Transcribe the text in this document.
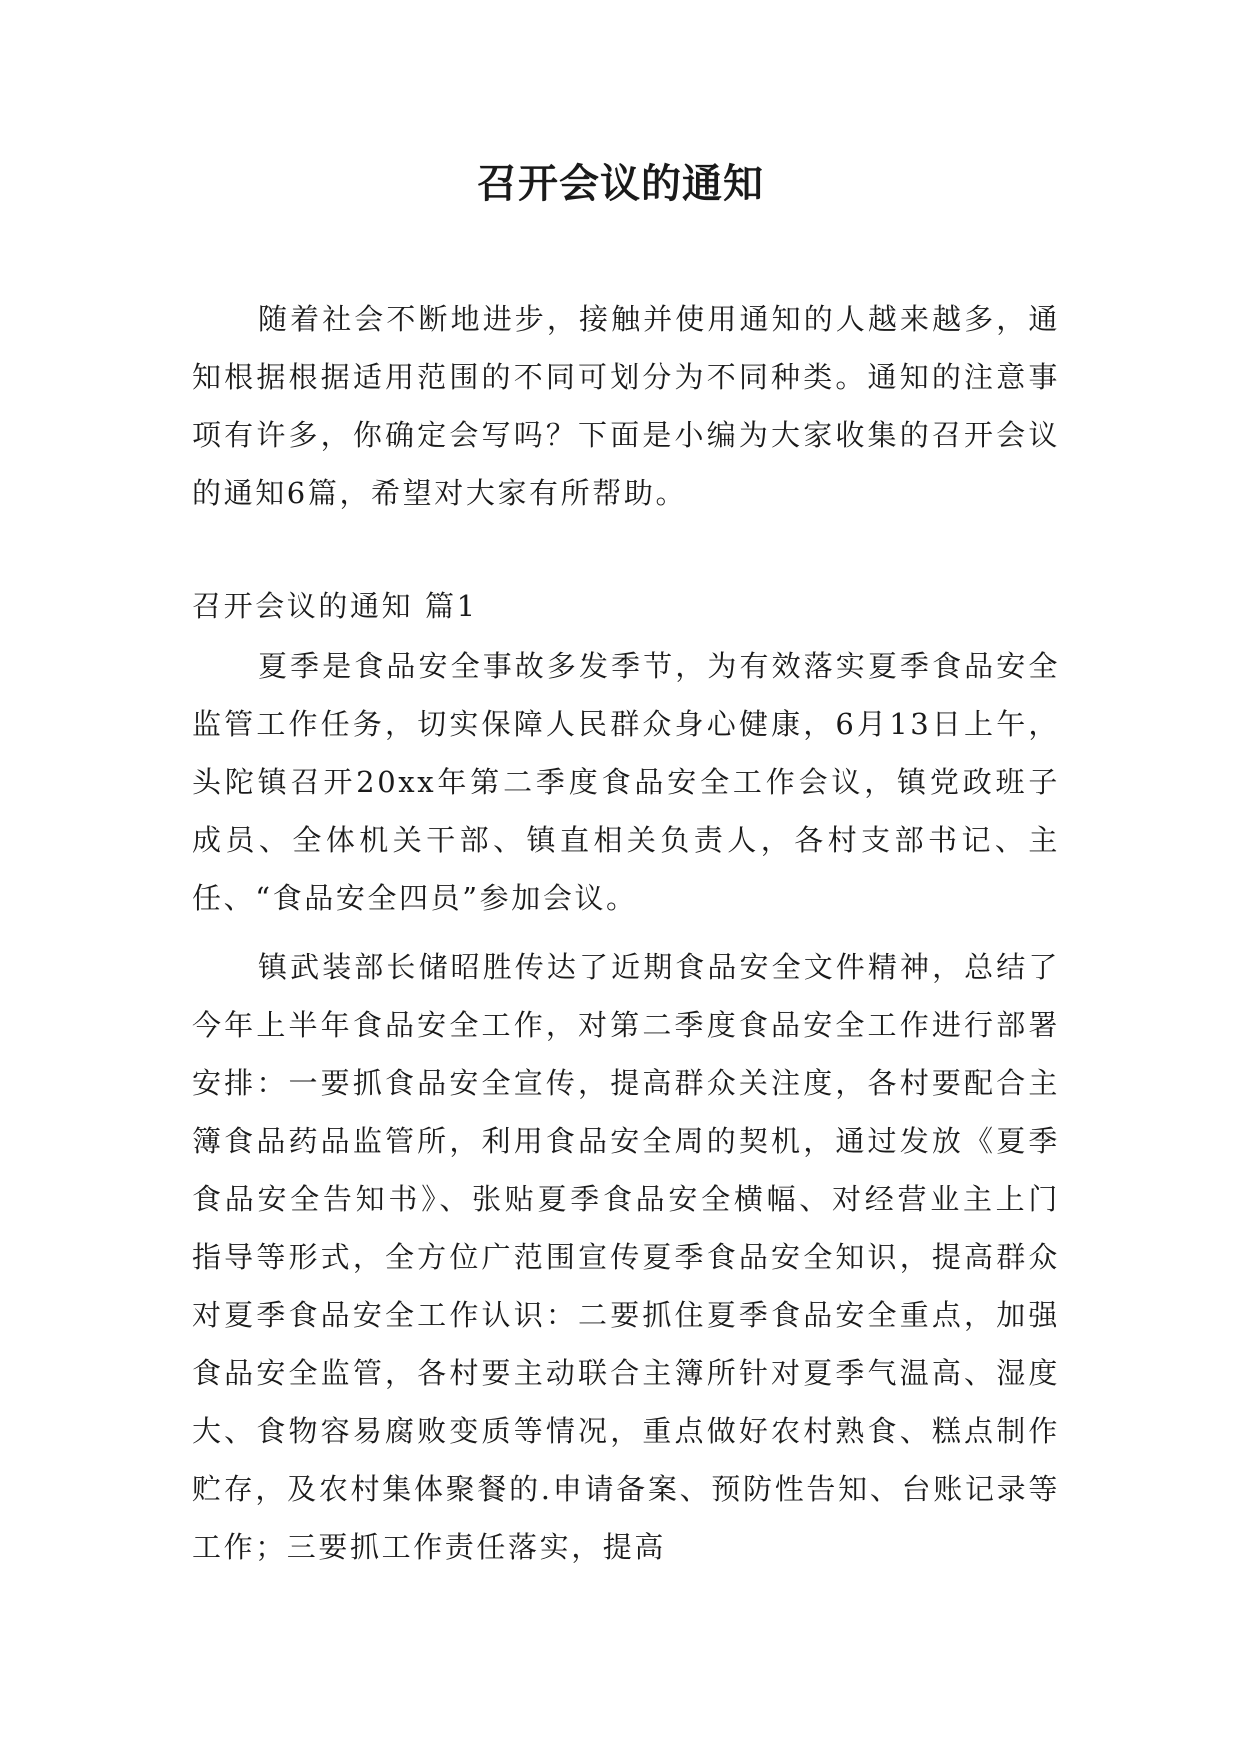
召开会议的通知

随着社会不断地进步，接触并使用通知的人越来越多，通知根据根据适用范围的不同可划分为不同种类。通知的注意事项有许多，你确定会写吗？下面是小编为大家收集的召开会议的通知6篇，希望对大家有所帮助。

召开会议的通知 篇1

夏季是食品安全事故多发季节，为有效落实夏季食品安全监管工作任务，切实保障人民群众身心健康，6月13日上午，头陀镇召开20xx年第二季度食品安全工作会议，镇党政班子成员、全体机关干部、镇直相关负责人，各村支部书记、主任、“食品安全四员”参加会议。

镇武装部长储昭胜传达了近期食品安全文件精神，总结了今年上半年食品安全工作，对第二季度食品安全工作进行部署安排：一要抓食品安全宣传，提高群众关注度，各村要配合主簿食品药品监管所，利用食品安全周的契机，通过发放《夏季食品安全告知书》、张贴夏季食品安全横幅、对经营业主上门指导等形式，全方位广范围宣传夏季食品安全知识，提高群众对夏季食品安全工作认识：二要抓住夏季食品安全重点，加强食品安全监管，各村要主动联合主簿所针对夏季气温高、湿度大、食物容易腐败变质等情况，重点做好农村熟食、糕点制作贮存，及农村集体聚餐的.申请备案、预防性告知、台账记录等工作；三要抓工作责任落实，提高
